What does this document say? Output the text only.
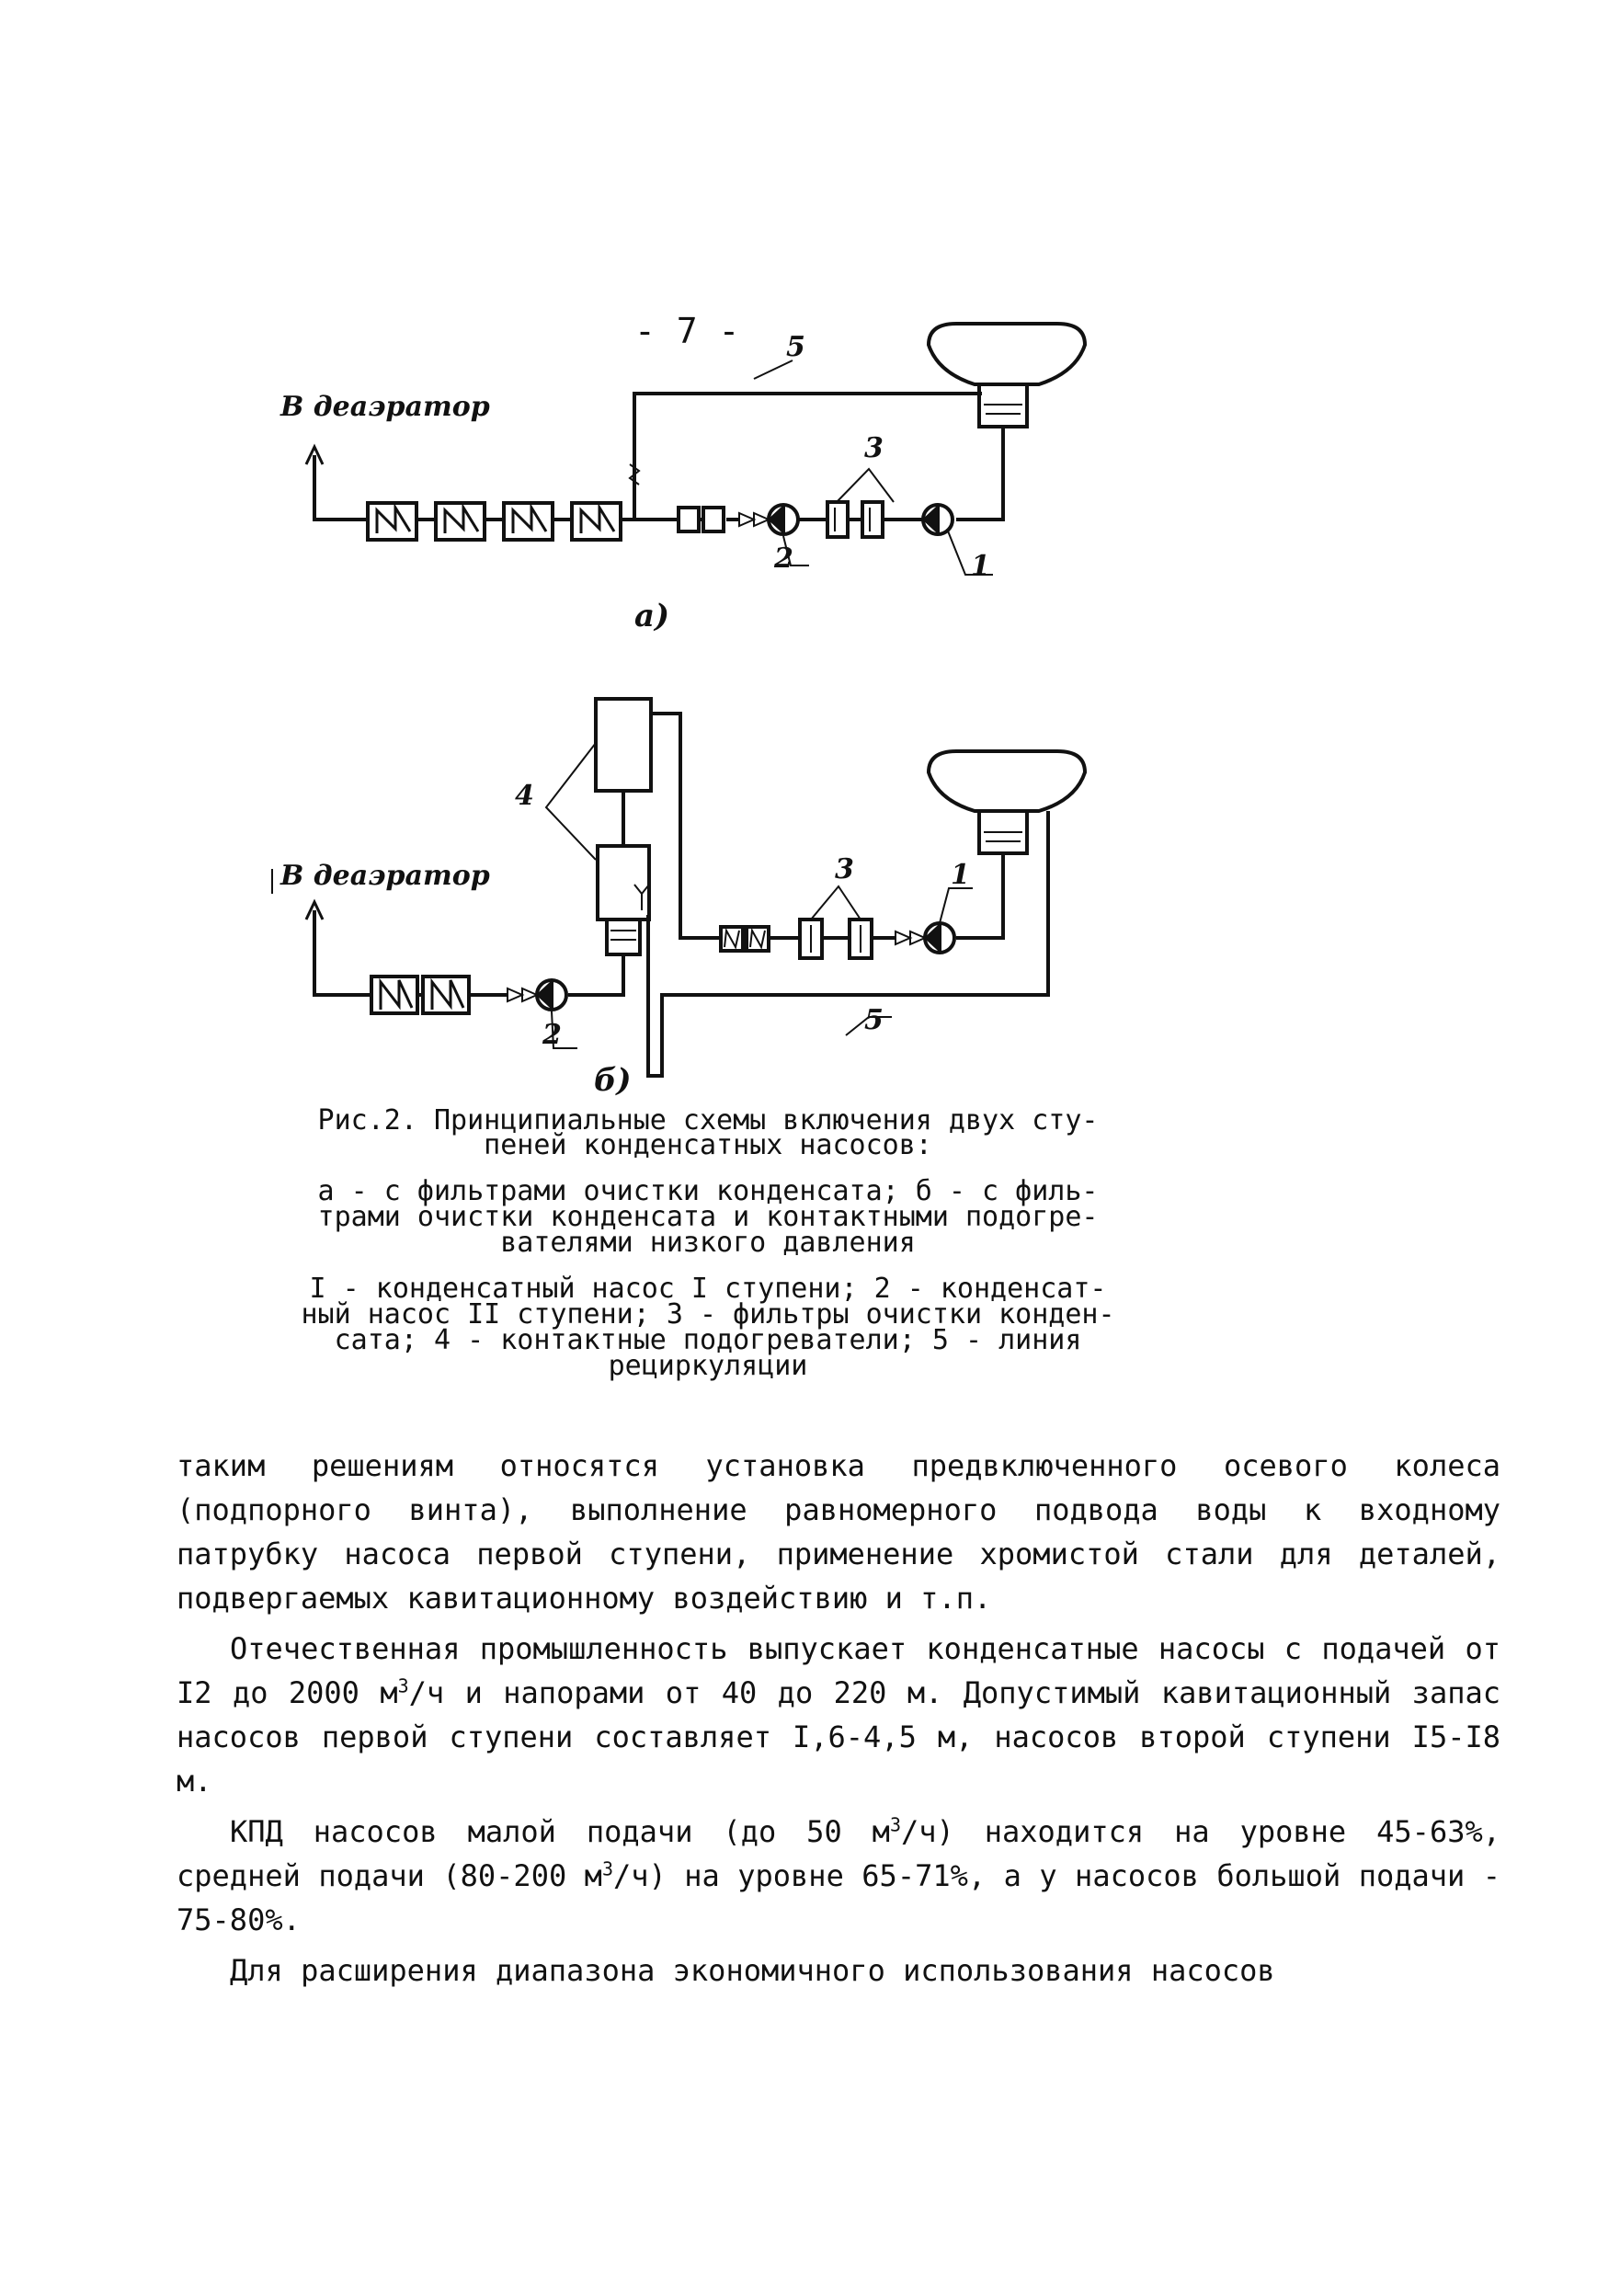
- 7 -
В деаэратор
5
3
2	1
а)
В деаэратор
4
3	1
2	5
б)
Рис.2. Принципиальные схемы включения двух сту-
пеней конденсатных насосов:
а - с фильтрами очистки конденсата; б - с филь-
трами очистки конденсата и контактными подогре-
вателями низкого давления
I - конденсатный насос I ступени; 2 - конденсат-
ный насос II ступени; 3 - фильтры очистки конден-
сата; 4 - контактные подогреватели; 5 - линия
рециркуляции

таким решениям относятся установка предвключенного осевого колеса (подпорного винта), выполнение равномерного подвода воды к входному патрубку насоса первой ступени, применение хромистой стали для деталей, подвергаемых кавитационному воздействию и т.п.

Отечественная промышленность выпускает конденсатные насосы с подачей от I2 до 2000 $м^3/ч$ и напорами от 40 до 220 м. Допустимый кавитационный запас насосов первой ступени составляет I,6-4,5 м, насосов второй ступени I5-I8 м.

КПД насосов малой подачи (до 50 $м^3/ч$) находится на уровне 45-63%, средней подачи (80-200 $м^3/ч$) на уровне 65-71%, а у насосов большой подачи - 75-80%.

Для расширения диапазона экономичного использования насосов
